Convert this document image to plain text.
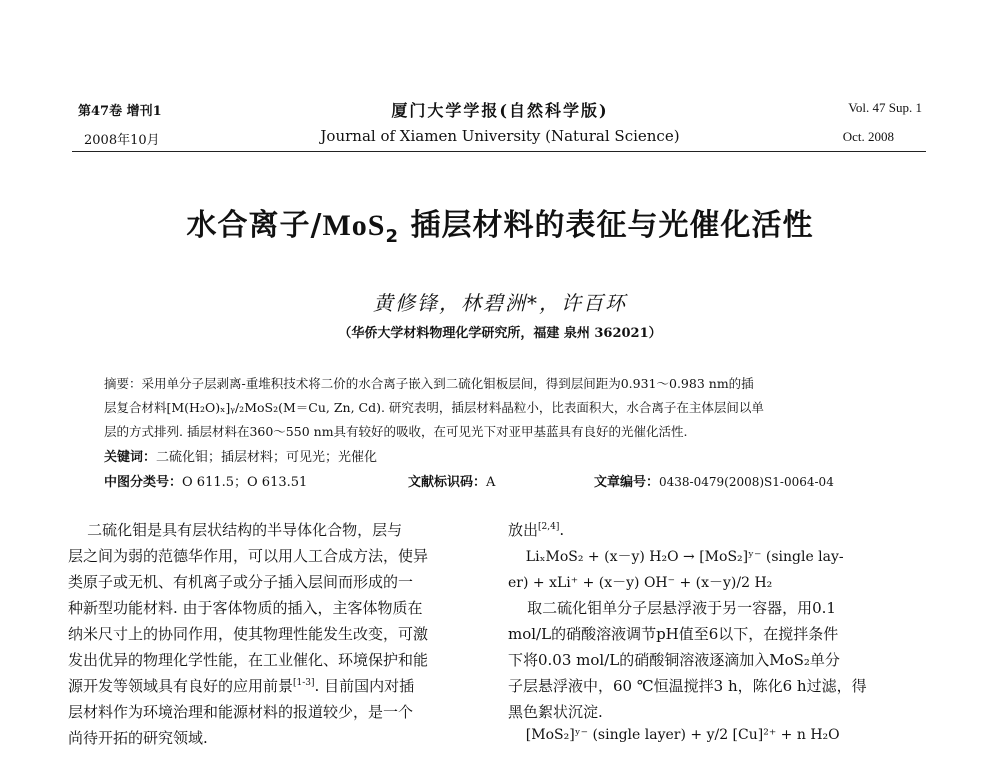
第47卷 增刊1
2008年10月
厦门大学学报(自然科学版)
Journal of Xiamen University (Natural Science)
Vol. 47 Sup. 1
Oct. 2008
水合离子/MoS$_2$ 插层材料的表征与光催化活性
黄修锋，林碧洲*，许百环
（华侨大学材料物理化学研究所，福建 泉州 362021）
摘要：采用单分子层剥离-重堆积技术将二价的水合离子嵌入到二硫化钼板层间，得到层间距为0.931～0.983 nm的插
层复合材料[M(H₂O)ₓ]ᵧ/₂MoS₂(M＝Cu, Zn, Cd). 研究表明，插层材料晶粒小，比表面积大，水合离子在主体层间以单
层的方式排列. 插层材料在360～550 nm具有较好的吸收，在可见光下对亚甲基蓝具有良好的光催化活性.
关键词：二硫化钼；插层材料；可见光；光催化
中图分类号：O 611.5；O 613.51	文献标识码：A	文章编号：0438-0479(2008)S1-0064-04
二硫化钼是具有层状结构的半导体化合物，层与
层之间为弱的范德华作用，可以用人工合成方法，使异
类原子或无机、有机离子或分子插入层间而形成的一
种新型功能材料. 由于客体物质的插入，主客体物质在
纳米尺寸上的协同作用，使其物理性能发生改变，可激
发出优异的物理化学性能，在工业催化、环境保护和能
源开发等领域具有良好的应用前景[1-3]. 目前国内对插
层材料作为环境治理和能源材料的报道较少，是一个
尚待开拓的研究领域.
放出[2,4].
LiₓMoS₂ + (x－y) H₂O → [MoS₂]ʸ⁻ (single lay-
er) + xLi⁺ + (x－y) OH⁻ + (x－y)/2 H₂
取二硫化钼单分子层悬浮液于另一容器，用0.1
mol/L的硝酸溶液调节pH值至6以下，在搅拌条件
下将0.03 mol/L的硝酸铜溶液逐滴加入MoS₂单分
子层悬浮液中，60 ℃恒温搅拌3 h，陈化6 h过滤，得
黑色絮状沉淀.
[MoS₂]ʸ⁻ (single layer) + y/2 [Cu]²⁺ + n H₂O
